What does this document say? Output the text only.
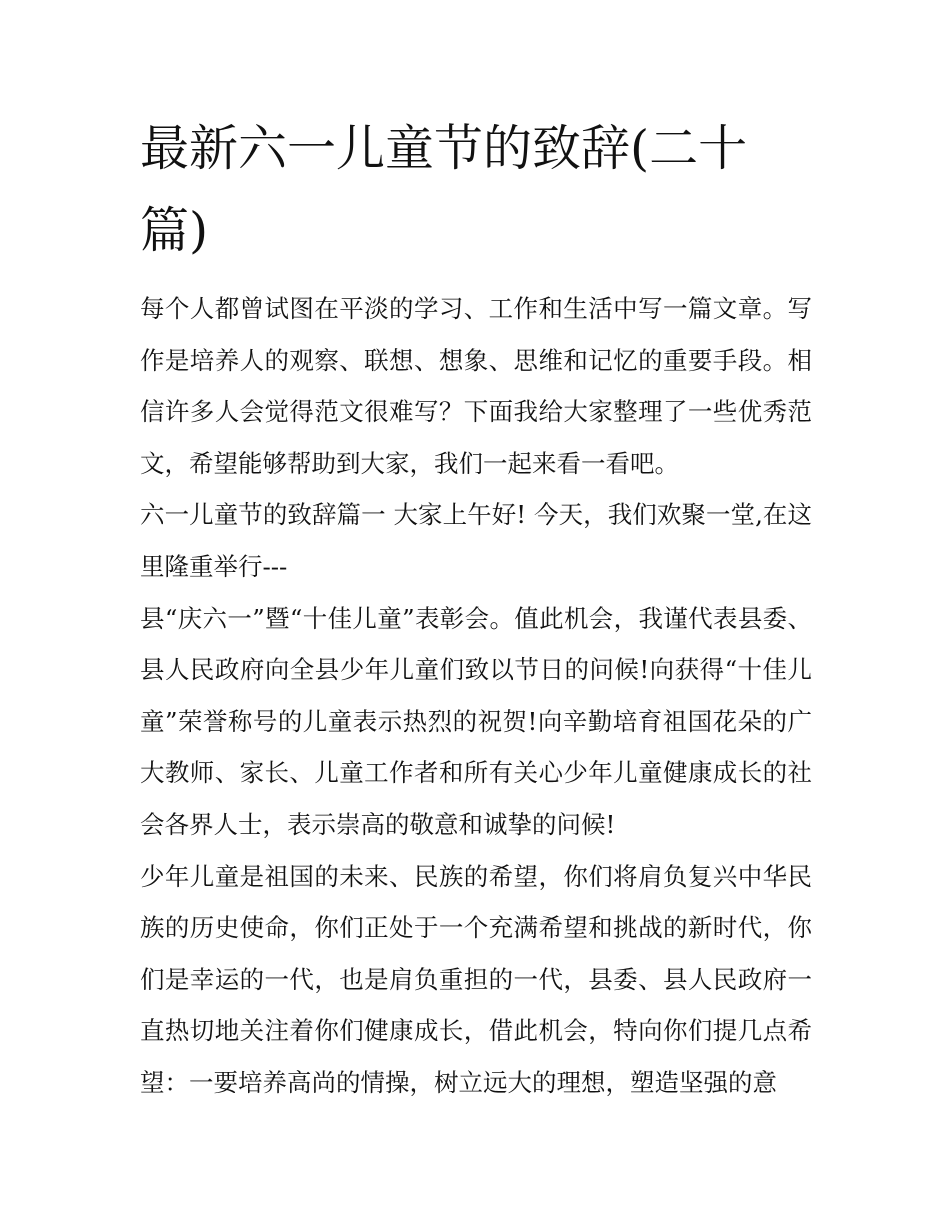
最新六一儿童节的致辞(二十篇)

每个人都曾试图在平淡的学习、工作和生活中写一篇文章。写作是培养人的观察、联想、想象、思维和记忆的重要手段。相信许多人会觉得范文很难写？下面我给大家整理了一些优秀范文，希望能够帮助到大家，我们一起来看一看吧。

六一儿童节的致辞篇一 大家上午好! 今天，我们欢聚一堂,在这里隆重举行---

县“庆六一”暨“十佳儿童”表彰会。值此机会，我谨代表县委、县人民政府向全县少年儿童们致以节日的问候!向获得“十佳儿童”荣誉称号的儿童表示热烈的祝贺!向辛勤培育祖国花朵的广大教师、家长、儿童工作者和所有关心少年儿童健康成长的社会各界人士，表示崇高的敬意和诚挚的问候!

少年儿童是祖国的未来、民族的希望，你们将肩负复兴中华民族的历史使命，你们正处于一个充满希望和挑战的新时代，你们是幸运的一代，也是肩负重担的一代，县委、县人民政府一直热切地关注着你们健康成长，借此机会，特向你们提几点希望：一要培养高尚的情操，树立远大的理想，塑造坚强的意
